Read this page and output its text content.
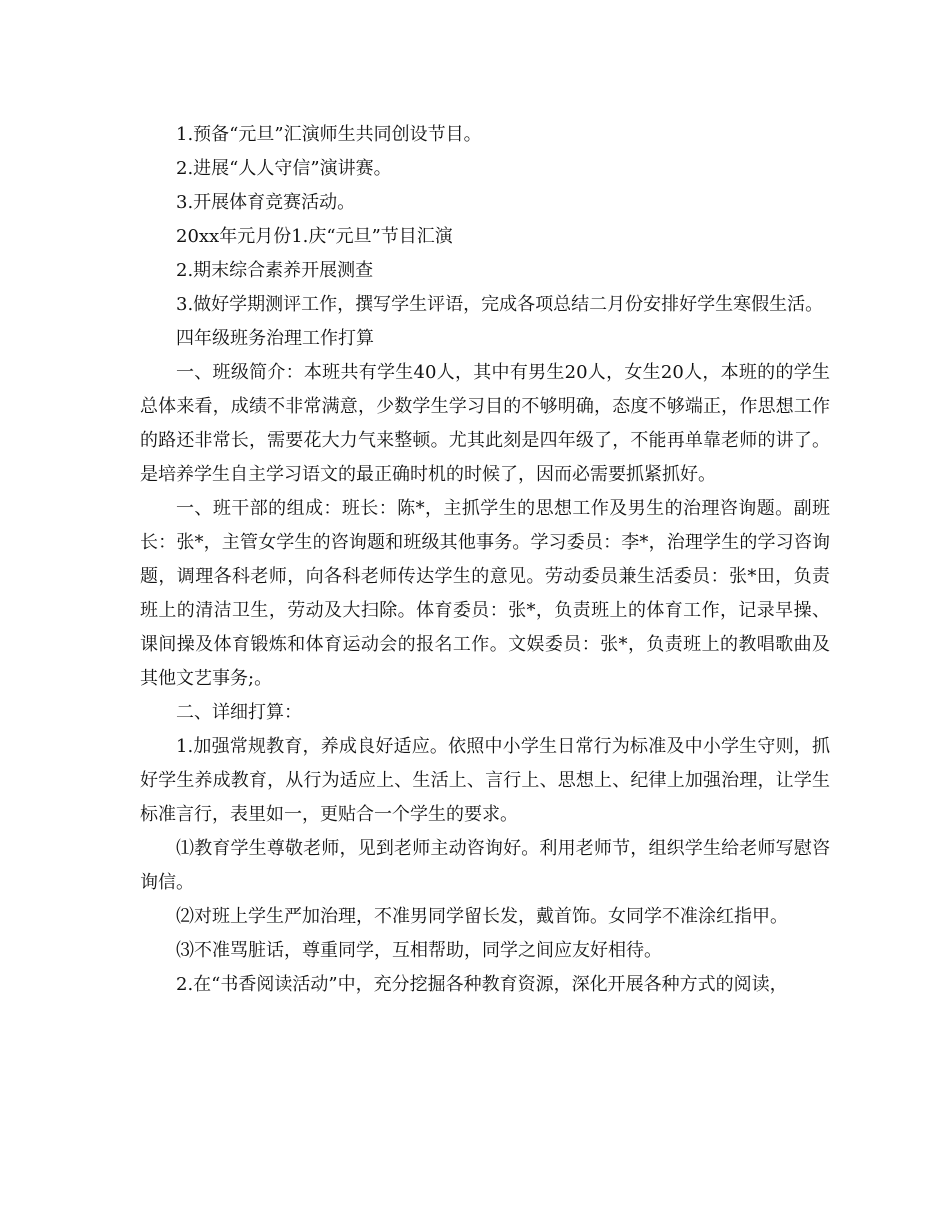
1.预备“元旦”汇演师生共同创设节目。

2.进展“人人守信”演讲赛。

3.开展体育竞赛活动。

20xx年元月份1.庆“元旦”节目汇演

2.期末综合素养开展测查

3.做好学期测评工作，撰写学生评语，完成各项总结二月份安排好学生寒假生活。

四年级班务治理工作打算

一、班级简介：本班共有学生40人，其中有男生20人，女生20人，本班的的学生总体来看，成绩不非常满意，少数学生学习目的不够明确，态度不够端正，作思想工作的路还非常长，需要花大力气来整顿。尤其此刻是四年级了，不能再单靠老师的讲了。是培养学生自主学习语文的最正确时机的时候了，因而必需要抓紧抓好。

一、班干部的组成：班长：陈*，主抓学生的思想工作及男生的治理咨询题。副班长：张*，主管女学生的咨询题和班级其他事务。学习委员：李*，治理学生的学习咨询题，调理各科老师，向各科老师传达学生的意见。劳动委员兼生活委员：张*田，负责班上的清洁卫生，劳动及大扫除。体育委员：张*，负责班上的体育工作，记录早操、课间操及体育锻炼和体育运动会的报名工作。文娱委员：张*，负责班上的教唱歌曲及其他文艺事务;。

二、详细打算：

1.加强常规教育，养成良好适应。依照中小学生日常行为标准及中小学生守则，抓好学生养成教育，从行为适应上、生活上、言行上、思想上、纪律上加强治理，让学生标准言行，表里如一，更贴合一个学生的要求。

⑴教育学生尊敬老师，见到老师主动咨询好。利用老师节，组织学生给老师写慰咨询信。

⑵对班上学生严加治理，不准男同学留长发，戴首饰。女同学不准涂红指甲。

⑶不准骂脏话，尊重同学，互相帮助，同学之间应友好相待。

2.在“书香阅读活动”中，充分挖掘各种教育资源，深化开展各种方式的阅读，
